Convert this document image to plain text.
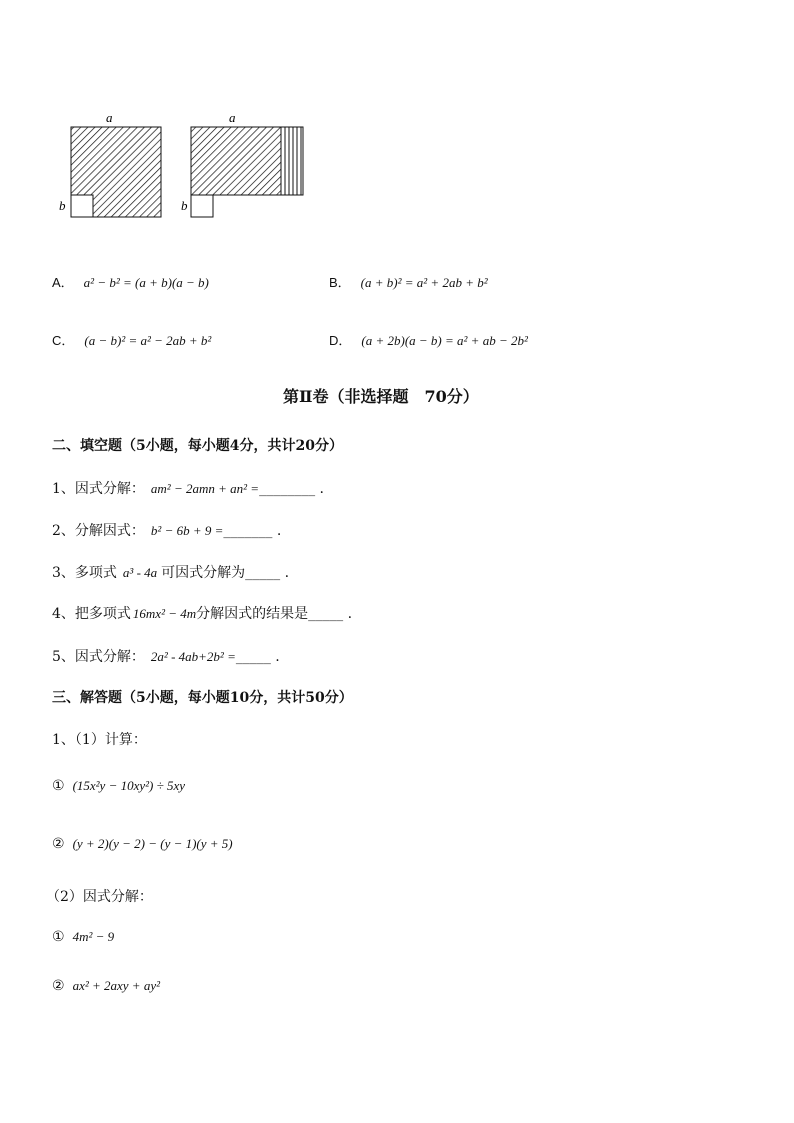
a
b
a
b
A． a² − b² = (a + b)(a − b)	B． (a + b)² = a² + 2ab + b²
C． (a − b)² = a² − 2ab + b²	D． (a + 2b)(a − b) = a² + ab − 2b²
第Ⅱ卷（非选择题　70分）
二、填空题（5小题，每小题4分，共计20分）
1、因式分解： am² − 2amn + an² =________ .
2、分解因式： b² − 6b + 9 =_______ .
3、多项式 a³ - 4a 可因式分解为_____ .
4、把多项式 16mx² − 4m分解因式的结果是_____ .
5、因式分解： 2a² - 4ab+2b² =_____ .
三、解答题（5小题，每小题10分，共计50分）
1、（1）计算：
① (15x²y − 10xy²) ÷ 5xy
② (y + 2)(y − 2) − (y − 1)(y + 5)
（2）因式分解：
① 4m² − 9
② ax² + 2axy + ay²
